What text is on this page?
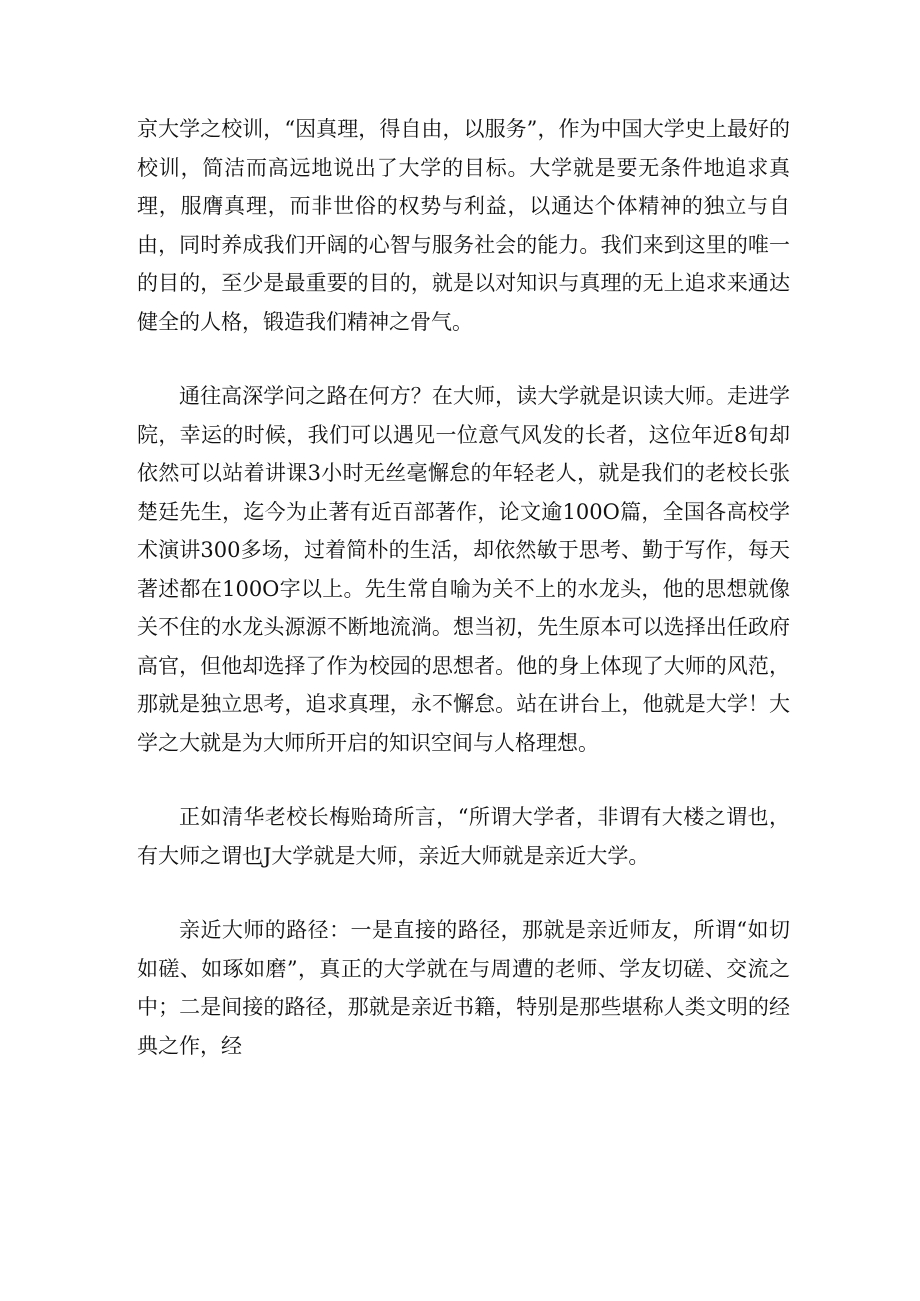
京大学之校训，“因真理，得自由，以服务”，作为中国大学史上最好的校训，简洁而高远地说出了大学的目标。大学就是要无条件地追求真理，服膺真理，而非世俗的权势与利益，以通达个体精神的独立与自由，同时养成我们开阔的心智与服务社会的能力。我们来到这里的唯一的目的，至少是最重要的目的，就是以对知识与真理的无上追求来通达健全的人格，锻造我们精神之骨气。

通往高深学问之路在何方？在大师，读大学就是识读大师。走进学院，幸运的时候，我们可以遇见一位意气风发的长者，这位年近8旬却依然可以站着讲课3小时无丝毫懈怠的年轻老人，就是我们的老校长张楚廷先生，迄今为止著有近百部著作，论文逾100O篇，全国各高校学术演讲300多场，过着简朴的生活，却依然敏于思考、勤于写作，每天著述都在100O字以上。先生常自喻为关不上的水龙头，他的思想就像关不住的水龙头源源不断地流淌。想当初，先生原本可以选择出任政府高官，但他却选择了作为校园的思想者。他的身上体现了大师的风范，那就是独立思考，追求真理，永不懈怠。站在讲台上，他就是大学！大学之大就是为大师所开启的知识空间与人格理想。

正如清华老校长梅贻琦所言，“所谓大学者，非谓有大楼之谓也，有大师之谓也J大学就是大师，亲近大师就是亲近大学。

亲近大师的路径：一是直接的路径，那就是亲近师友，所谓“如切如磋、如琢如磨”，真正的大学就在与周遭的老师、学友切磋、交流之中；二是间接的路径，那就是亲近书籍，特别是那些堪称人类文明的经典之作，经
